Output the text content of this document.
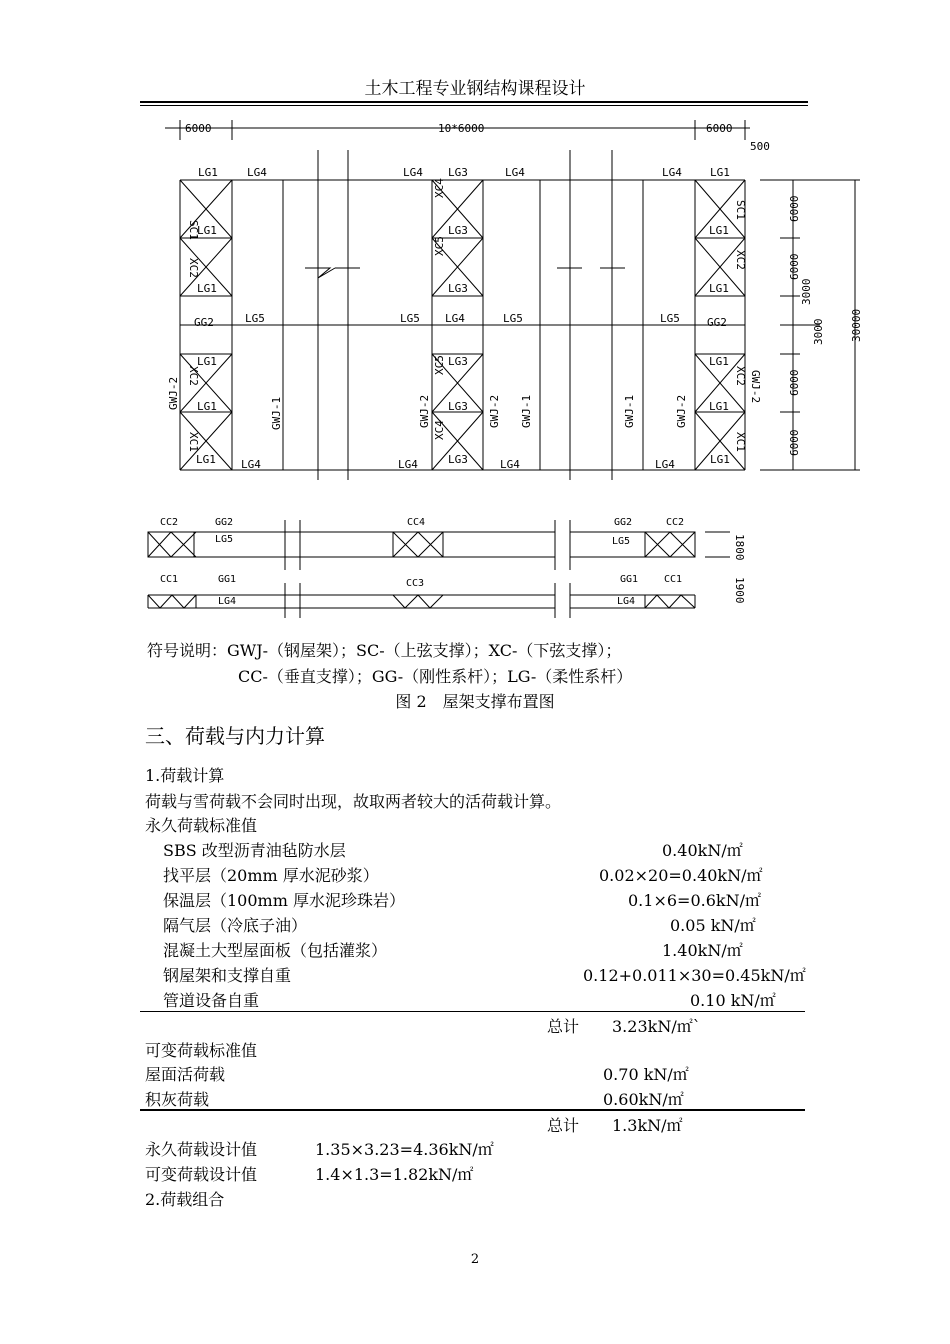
土木工程专业钢结构课程设计
6000	10*6000	6000
500
6000
6000
3000
3000 30000
6000
6000
LG1	LG4	LG4 LG3	LG4	LG4	LG1
LG5	LG5 LG4	LG5	LG5
LG1 LG4	LG4	LG3	LG4	LG4	LG1
LG1
LG1
GG2
LG1
LG1
LG1
LG1
GG2
LG1
LG1
LG3
LG3
LG3
LG3
SC1
XC2
XC2
XC1
SC1
XC2
XC2
XC1
XC4
XC5
XC5
XC4
GWJ-2
GWJ-1	GWJ-2	GWJ-2 GWJ-1	GWJ-1	GWJ-2
GWJ-2
1800
1900
CC2	GG2
LG5
CC4	GG2	CC2
LG5
CC1	GG1
LG4
CC3	GG1	CC1
LG4
符号说明：GWJ-（钢屋架）；SC-（上弦支撑）；XC-（下弦支撑）；
CC-（垂直支撑）；GG-（刚性系杆）；LG-（柔性系杆）
图 2　屋架支撑布置图
三、荷载与内力计算
1.荷载计算
荷载与雪荷载不会同时出现，故取两者较大的活荷载计算。
永久荷载标准值
SBS 改型沥青油毡防水层	0.40kN/㎡
找平层（20mm 厚水泥砂浆）	0.02×20=0.40kN/㎡
保温层（100mm 厚水泥珍珠岩）	0.1×6=0.6kN/㎡
隔气层（冷底子油）	0.05 kN/㎡
混凝土大型屋面板（包括灌浆）	1.40kN/㎡
钢屋架和支撑自重	0.12+0.011×30=0.45kN/㎡
管道设备自重	0.10 kN/㎡
总计 3.23kN/㎡`
可变荷载标准值
屋面活荷载	0.70 kN/㎡
积灰荷载	0.60kN/㎡
总计 1.3kN/㎡
永久荷载设计值	1.35×3.23=4.36kN/㎡
可变荷载设计值	1.4×1.3=1.82kN/㎡
2.荷载组合
2
